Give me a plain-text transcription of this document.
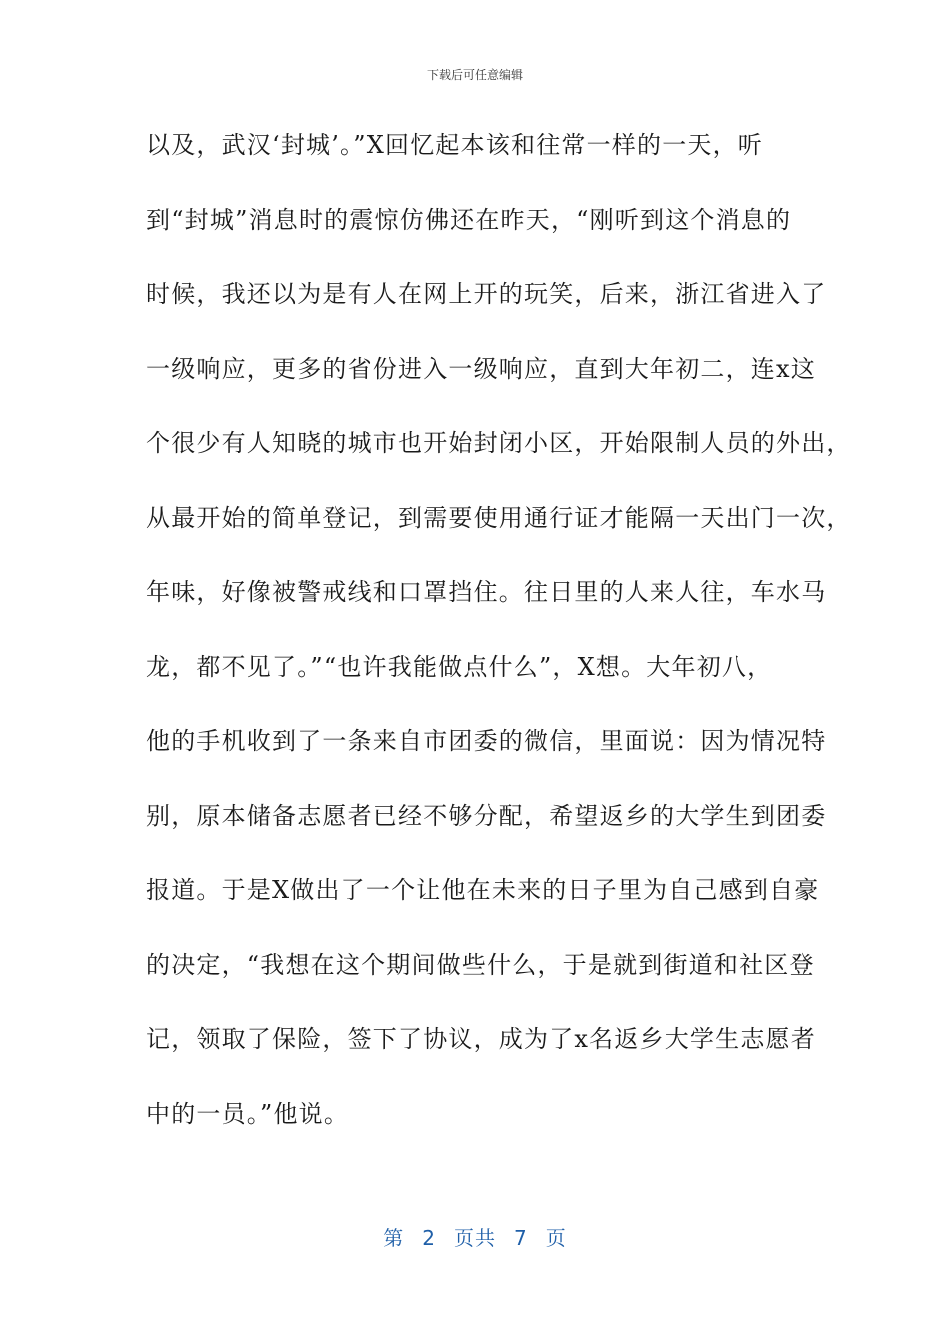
下载后可任意编辑
以及，武汉‘封城’。”X回忆起本该和往常一样的一天，听
到“封城”消息时的震惊仿佛还在昨天，“刚听到这个消息的
时候，我还以为是有人在网上开的玩笑，后来，浙江省进入了
一级响应，更多的省份进入一级响应，直到大年初二，连x这
个很少有人知晓的城市也开始封闭小区，开始限制人员的外出，
从最开始的简单登记，到需要使用通行证才能隔一天出门一次，
年味，好像被警戒线和口罩挡住。往日里的人来人往，车水马
龙，都不见了。”“也许我能做点什么”，X想。大年初八，
他的手机收到了一条来自市团委的微信，里面说：因为情况特
别，原本储备志愿者已经不够分配，希望返乡的大学生到团委
报道。于是X做出了一个让他在未来的日子里为自己感到自豪
的决定，“我想在这个期间做些什么，于是就到街道和社区登
记，领取了保险，签下了协议，成为了x名返乡大学生志愿者
中的一员。”他说。
第 2 页共 7 页
